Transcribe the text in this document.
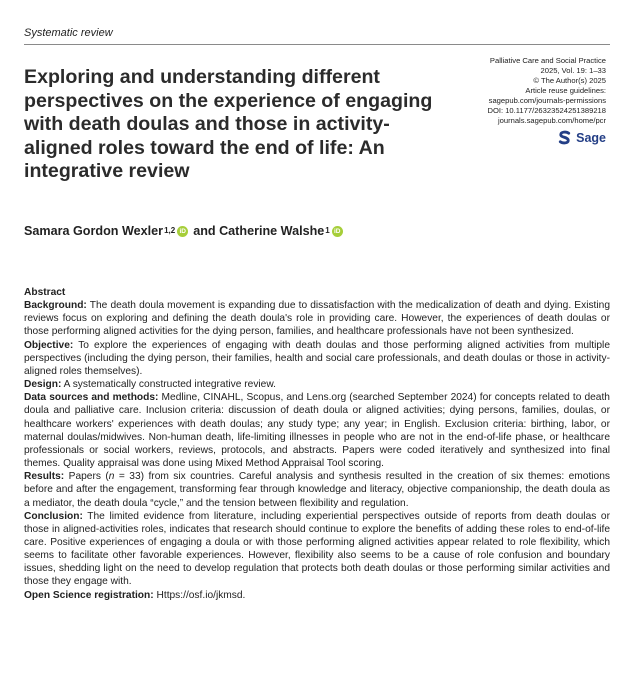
Systematic review
Exploring and understanding different perspectives on the experience of engaging with death doulas and those in activity-aligned roles toward the end of life: An integrative review
Palliative Care and Social Practice
2025, Vol. 19: 1–33
© The Author(s) 2025
Article reuse guidelines:
sagepub.com/journals-permissions
DOI: 10.1177/26323524251389218
journals.sagepub.com/home/pcr
Sage
Samara Gordon Wexler 1,2 iD and
Catherine Walshe 1 iD
Abstract

Background: The death doula movement is expanding due to dissatisfaction with the medicalization of death and dying. Existing reviews focus on exploring and defining the death doula's role in providing care. However, the experiences of death doulas or those performing aligned activities for the dying person, families, and healthcare professionals have not been synthesized.

Objective: To explore the experiences of engaging with death doulas and those performing aligned activities from multiple perspectives (including the dying person, their families, health and social care professionals, and death doulas or those in activity-aligned roles themselves).

Design: A systematically constructed integrative review.

Data sources and methods: Medline, CINAHL, Scopus, and Lens.org (searched September 2024) for concepts related to death doula and palliative care. Inclusion criteria: discussion of death doula or aligned activities; dying persons, families, doulas, or healthcare workers' experiences with death doulas; any study type; any year; in English. Exclusion criteria: birthing, labor, or maternal doulas/midwives. Non-human death, life-limiting illnesses in people who are not in the end-of-life phase, or healthcare professionals or social workers, reviews, protocols, and abstracts. Papers were coded iteratively and synthesized into final themes. Quality appraisal was done using Mixed Method Appraisal Tool scoring.

Results: Papers (n = 33) from six countries. Careful analysis and synthesis resulted in the creation of six themes: emotions before and after the engagement, transforming fear through knowledge and literacy, objective companionship, the death doula as a mediator, the death doula “cycle,” and the tension between flexibility and regulation.

Conclusion: The limited evidence from literature, including experiential perspectives outside of reports from death doulas or those in aligned-activities roles, indicates that research should continue to explore the benefits of adding these roles to end-of-life care. Positive experiences of engaging a doula or with those performing aligned activities appear related to role flexibility, which seems to facilitate other favorable experiences. However, flexibility also seems to be a cause of role confusion and boundary issues, shedding light on the need to develop regulation that protects both death doulas or those performing similar activities and those they engage with.

Open Science registration: Https://osf.io/jkmsd.
